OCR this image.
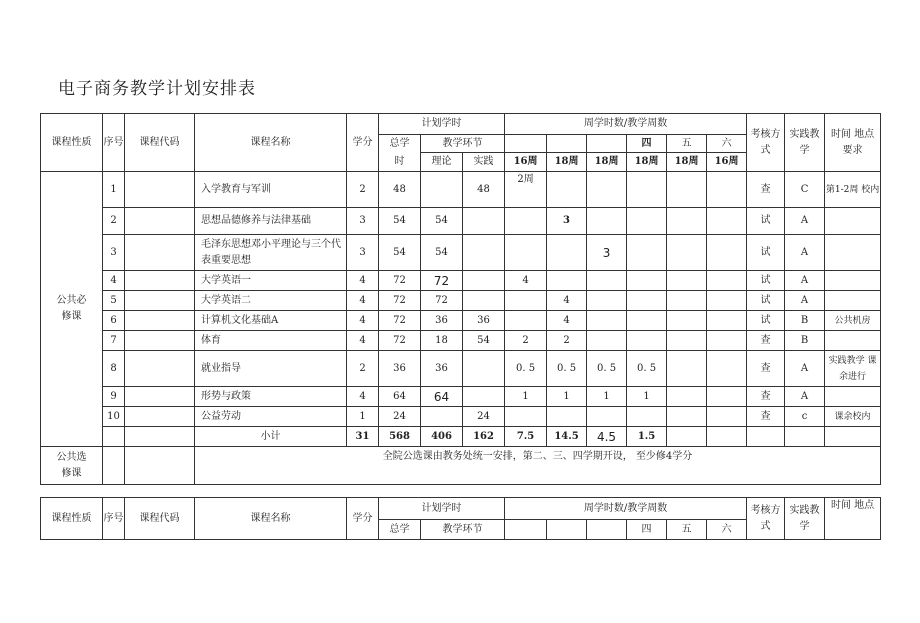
电子商务教学计划安排表
课程性质	序号	课程代码	课程名称	学分	计划学时			周学时数/教学周数						考核方式	实践教学	时间 地点
要求
					总学	教学环节					四	五	六			
					时	理论	实践	16周	18周	18周	18周	18周	16周			
公共必修课	1		入学教育与军训	2	48		48	2周						查	C	第1-2周 校内
	2		思想品德修养与法律基础	3	54	54			3					试	A	
	3		毛泽东思想邓小平理论与三个代表重要思想	3	54	54				3				试	A	
	4		大学英语一	4	72	72		4						试	A	
	5		大学英语二	4	72	72			4					试	A	
	6		计算机文化基础A	4	72	36	36		4					试	B	公共机房
	7		体育	4	72	18	54	2	2					查	B	
	8		就业指导	2	36	36		0. 5	0. 5	0. 5	0. 5			查	A	实践教学 课余进行
	9		形势与政策	4	64	64		1	1	1	1			查	A	
	10		公益劳动	1	24		24							查	c	课余校内
			小计	31	568	406	162	7.5	14.5	4.5	1.5					
公共选修课			全院公选课由教务处统一安排，第二、三、四学期开设， 至少修4学分													
课程性质	序号	课程代码	课程名称	学分	计划学时		周学时数/教学周数						考核方式	实践教学	时间 地点
					总学	教学环节				四	五	六			
